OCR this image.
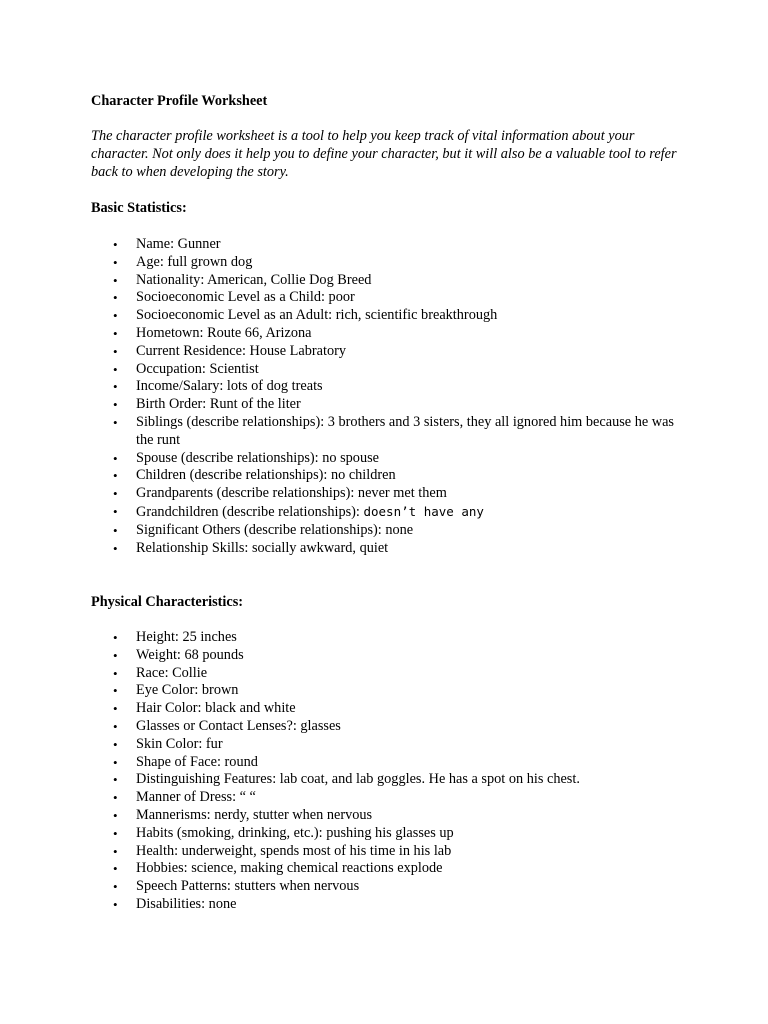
Character Profile Worksheet

The character profile worksheet is a tool to help you keep track of vital information about your character. Not only does it help you to define your character, but it will also be a valuable tool to refer back to when developing the story.

Basic Statistics:
• Name: Gunner
• Age: full grown dog
• Nationality: American, Collie Dog Breed
• Socioeconomic Level as a Child: poor
• Socioeconomic Level as an Adult: rich, scientific breakthrough
• Hometown: Route 66, Arizona
• Current Residence: House Labratory
• Occupation: Scientist
• Income/Salary: lots of dog treats
• Birth Order: Runt of the liter
• Siblings (describe relationships): 3 brothers and 3 sisters, they all ignored him because he was the runt
• Spouse (describe relationships): no spouse
• Children (describe relationships): no children
• Grandparents (describe relationships): never met them
• Grandchildren (describe relationships): doesn’t have any
• Significant Others (describe relationships): none
• Relationship Skills: socially awkward, quiet
Physical Characteristics:
• Height: 25 inches
• Weight: 68 pounds
• Race: Collie
• Eye Color: brown
• Hair Color: black and white
• Glasses or Contact Lenses?: glasses
• Skin Color: fur
• Shape of Face: round
• Distinguishing Features: lab coat, and lab goggles. He has a spot on his chest.
• Manner of Dress: “ “
• Mannerisms: nerdy, stutter when nervous
• Habits (smoking, drinking, etc.): pushing his glasses up
• Health: underweight, spends most of his time in his lab
• Hobbies: science, making chemical reactions explode
• Speech Patterns: stutters when nervous
• Disabilities: none
